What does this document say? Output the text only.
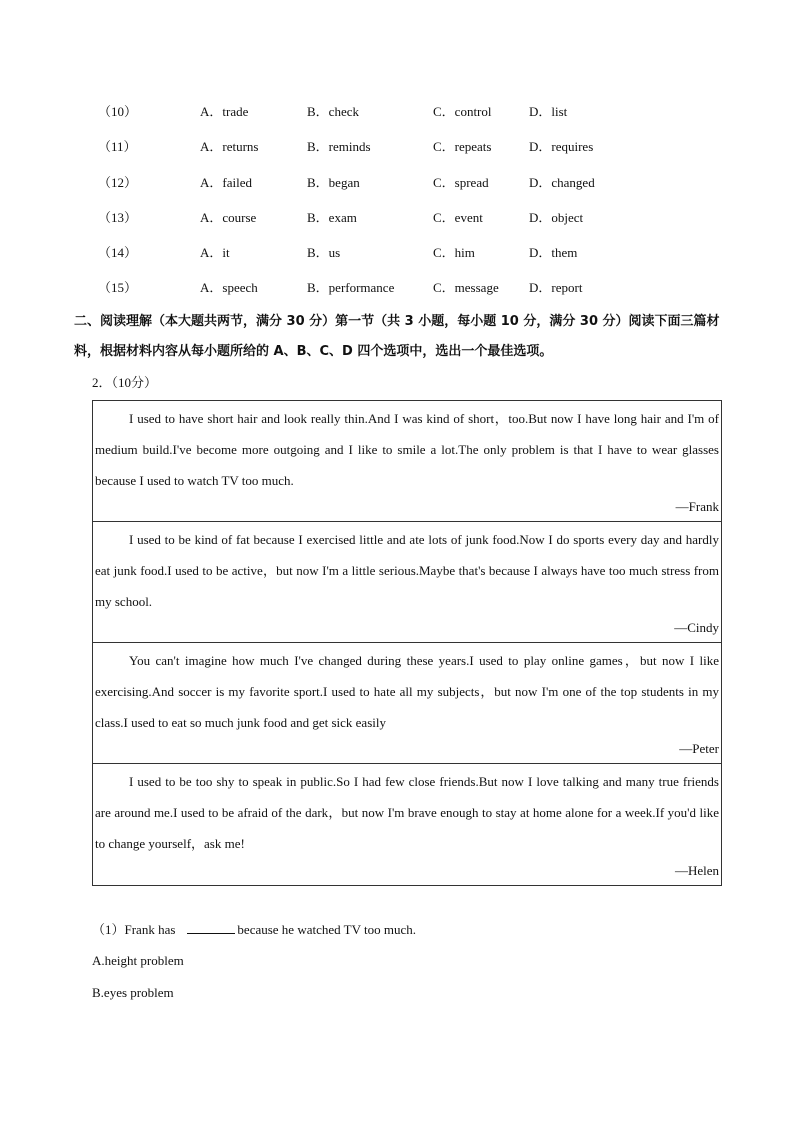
（10）	A．trade	B．check	C．control	D．list
（11）	A．returns	B．reminds	C．repeats	D．requires
（12）	A．failed	B．began	C．spread	D．changed
（13）	A．course	B．exam	C．event	D．object
（14）	A．it	B．us	C．him	D．them
（15）	A．speech	B．performance	C．message D．report
二、阅读理解（本大题共两节，满分 30 分）第一节（共 3 小题，每小题 10 分，满分 30 分）阅读下面三篇材料，根据材料内容从每小题所给的 A、B、C、D 四个选项中，选出一个最佳选项。
2．（10分）

I used to have short hair and look really thin.And I was kind of short，too.But now I have long hair and I'm of medium build.I've become more outgoing and I like to smile a lot.The only problem is that I have to wear glasses because I used to watch TV too much.

—Frank

I used to be kind of fat because I exercised little and ate lots of junk food.Now I do sports every day and hardly eat junk food.I used to be active，but now I'm a little serious.Maybe that's because I always have too much stress from my school.

—Cindy

You can't imagine how much I've changed during these years.I used to play online games，but now I like exercising.And soccer is my favorite sport.I used to hate all my subjects，but now I'm one of the top students in my class.I used to eat so much junk food and get sick easily

—Peter

I used to be too shy to speak in public.So I had few close friends.But now I love talking and many true friends are around me.I used to be afraid of the dark，but now I'm brave enough to stay at home alone for a week.If you'd like to change yourself，ask me!

—Helen
（1）Frank has	because he watched TV too much.
A.height problem
B.eyes problem
